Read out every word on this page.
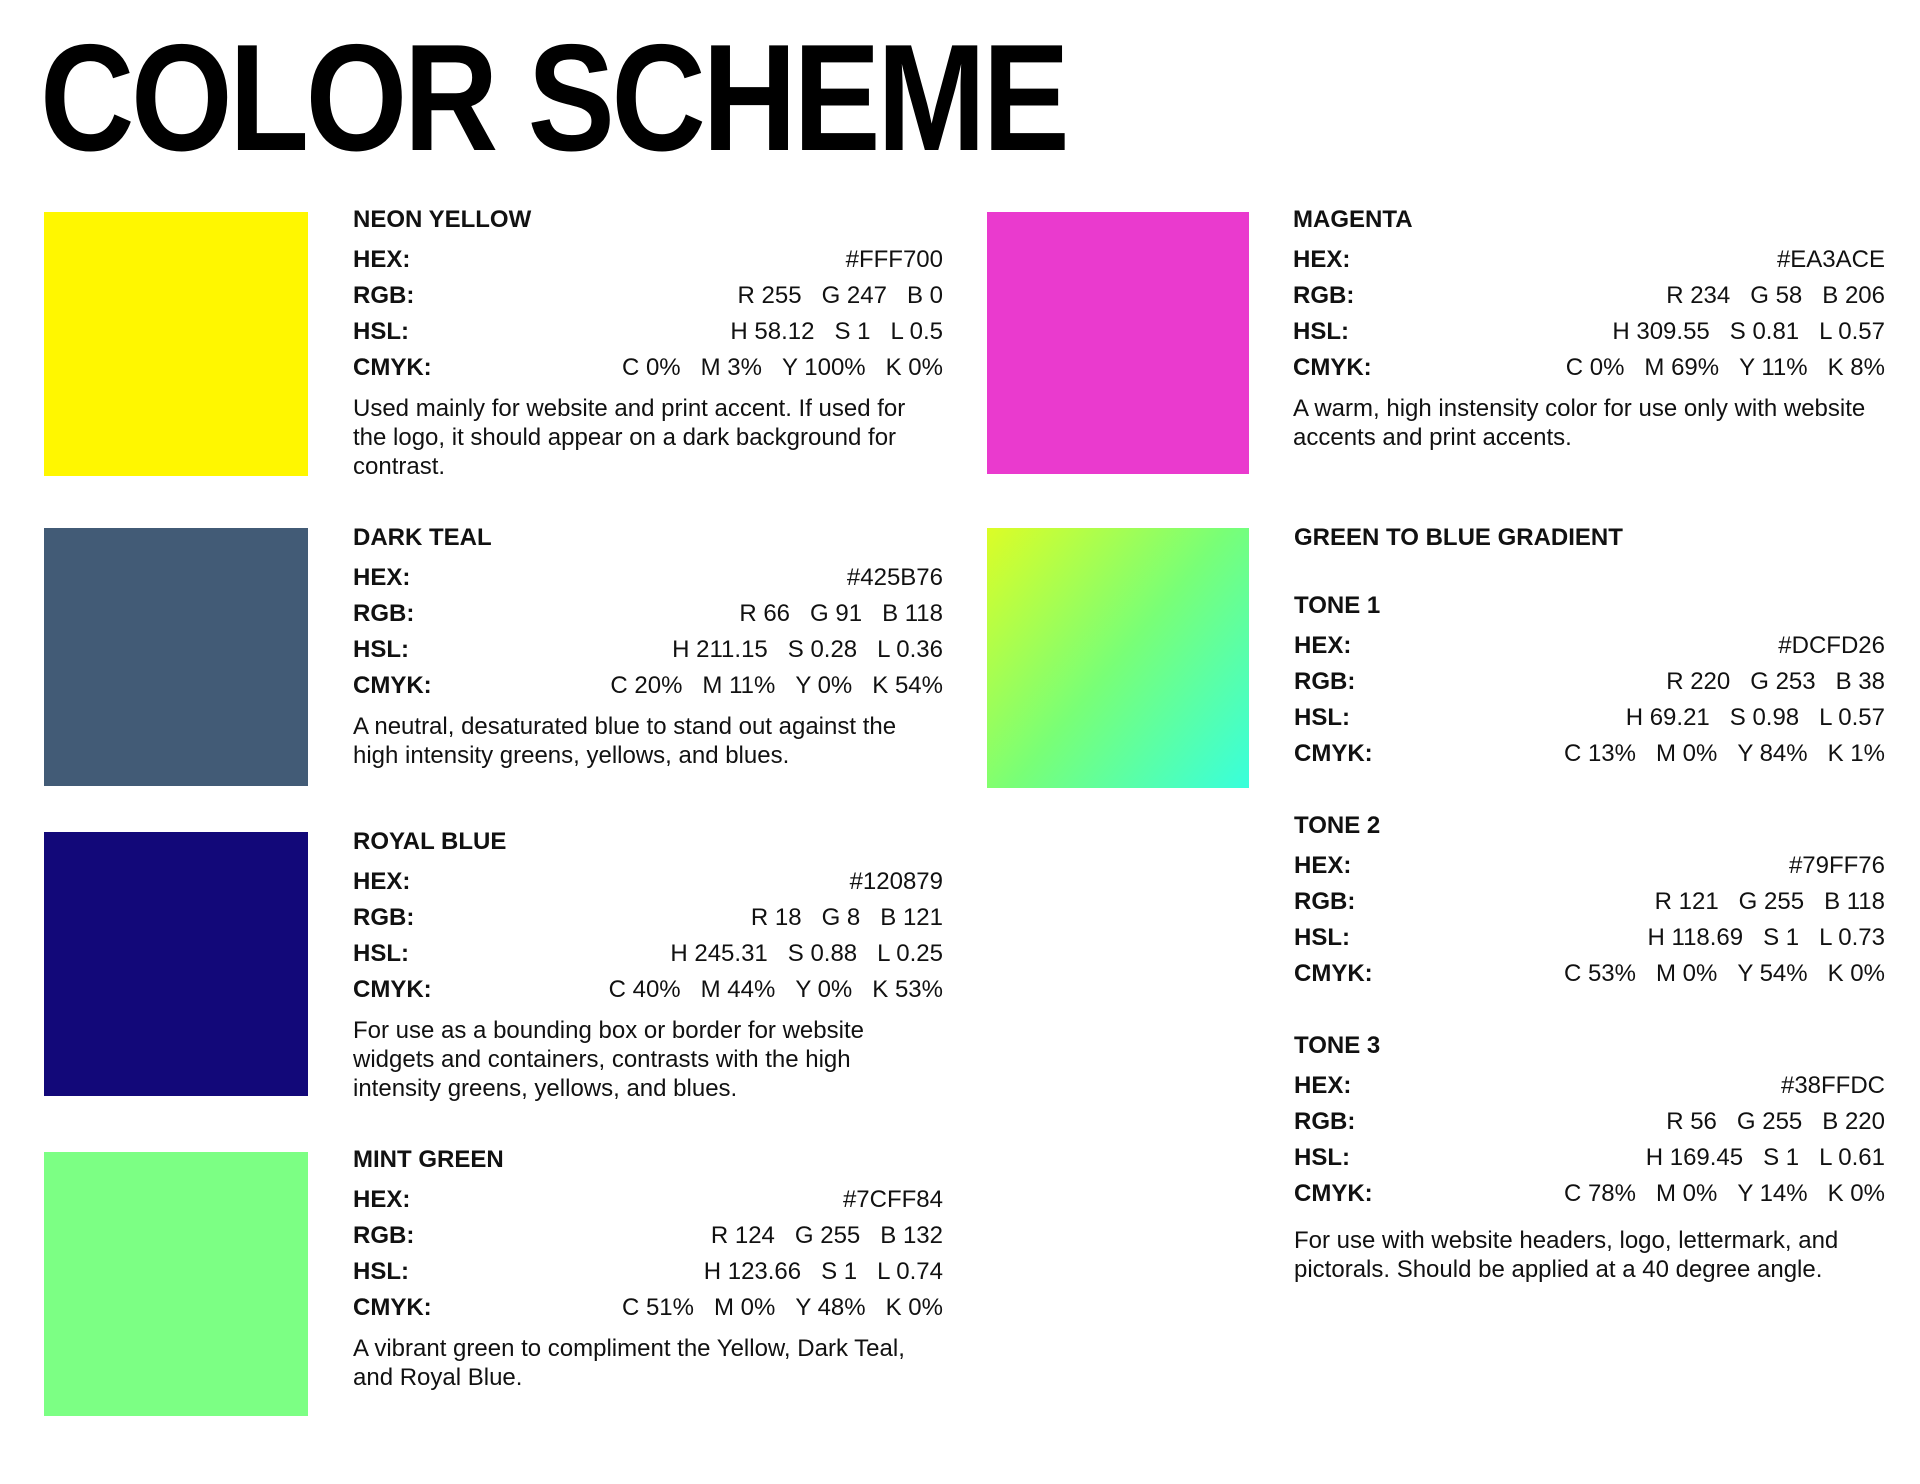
COLOR SCHEME
NEON YELLOW
HEX:	#FFF700
RGB:	R 255 G 247 B 0
HSL:	H 58.12 S 1 L 0.5
CMYK:	C 0% M 3% Y 100% K 0%
Used mainly for website and print accent. If used for the logo, it should appear on a dark background for contrast.
DARK TEAL
HEX:	#425B76
RGB:	R 66 G 91 B 118
HSL:	H 211.15 S 0.28 L 0.36
CMYK:	C 20% M 11% Y 0% K 54%
A neutral, desaturated blue to stand out against the high intensity greens, yellows, and blues.
ROYAL BLUE
HEX:	#120879
RGB:	R 18 G 8 B 121
HSL:	H 245.31 S 0.88 L 0.25
CMYK:	C 40% M 44% Y 0% K 53%
For use as a bounding box or border for website widgets and containers, contrasts with the high intensity greens, yellows, and blues.
MINT GREEN
HEX:	#7CFF84
RGB:	R 124 G 255 B 132
HSL:	H 123.66 S 1 L 0.74
CMYK:	C 51% M 0% Y 48% K 0%
A vibrant green to compliment the Yellow, Dark Teal, and Royal Blue.
MAGENTA
HEX:	#EA3ACE
RGB:	R 234 G 58 B 206
HSL:	H 309.55 S 0.81 L 0.57
CMYK:	C 0% M 69% Y 11% K 8%
A warm, high instensity color for use only with website accents and print accents.
GREEN TO BLUE GRADIENT
TONE 1
HEX:	#DCFD26
RGB:	R 220 G 253 B 38
HSL:	H 69.21 S 0.98 L 0.57
CMYK:	C 13% M 0% Y 84% K 1%
TONE 2
HEX:	#79FF76
RGB:	R 121 G 255 B 118
HSL:	H 118.69 S 1 L 0.73
CMYK:	C 53% M 0% Y 54% K 0%
TONE 3
HEX:	#38FFDC
RGB:	R 56 G 255 B 220
HSL:	H 169.45 S 1 L 0.61
CMYK:	C 78% M 0% Y 14% K 0%
For use with website headers, logo, lettermark, and pictorals. Should be applied at a 40 degree angle.
